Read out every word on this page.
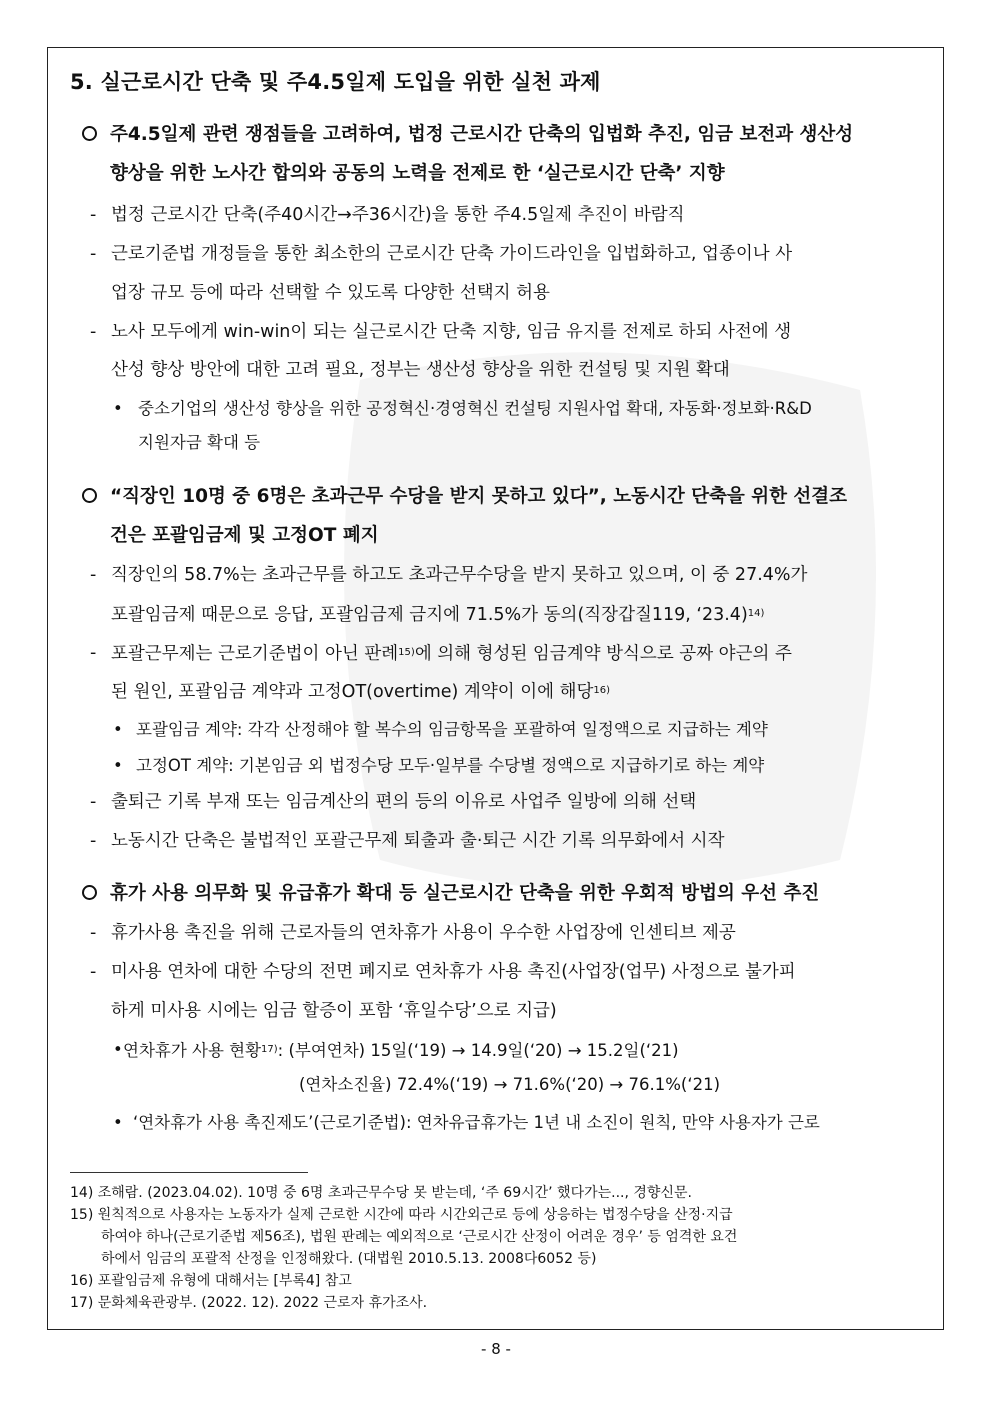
5. 실근로시간 단축 및 주4.5일제 도입을 위한 실천 과제
주4.5일제 관련 쟁점들을 고려하여, 법정 근로시간 단축의 입법화 추진, 임금 보전과 생산성
향상을 위한 노사간 합의와 공동의 노력을 전제로 한 ‘실근로시간 단축’ 지향
- 법정 근로시간 단축(주40시간→주36시간)을 통한 주4.5일제 추진이 바람직
- 근로기준법 개정들을 통한 최소한의 근로시간 단축 가이드라인을 입법화하고, 업종이나 사
업장 규모 등에 따라 선택할 수 있도록 다양한 선택지 허용
- 노사 모두에게 win-win이 되는 실근로시간 단축 지향, 임금 유지를 전제로 하되 사전에 생
산성 향상 방안에 대한 고려 필요, 정부는 생산성 향상을 위한 컨설팅 및 지원 확대
• 중소기업의 생산성 향상을 위한 공정혁신·경영혁신 컨설팅 지원사업 확대, 자동화·정보화·R&D
지원자금 확대 등
“직장인 10명 중 6명은 초과근무 수당을 받지 못하고 있다”, 노동시간 단축을 위한 선결조
건은 포괄임금제 및 고정OT 폐지
- 직장인의 58.7%는 초과근무를 하고도 초과근무수당을 받지 못하고 있으며, 이 중 27.4%가
포괄임금제 때문으로 응답, 포괄임금제 금지에 71.5%가 동의(직장갑질119, ‘23.4)$^{14)}$
- 포괄근무제는 근로기준법이 아닌 판례$^{15)}$에 의해 형성된 임금계약 방식으로 공짜 야근의 주
된 원인, 포괄임금 계약과 고정OT(overtime) 계약이 이에 해당$^{16)}$
• 포괄임금 계약: 각각 산정해야 할 복수의 임금항목을 포괄하여 일정액으로 지급하는 계약
• 고정OT 계약: 기본임금 외 법정수당 모두·일부를 수당별 정액으로 지급하기로 하는 계약
- 출퇴근 기록 부재 또는 임금계산의 편의 등의 이유로 사업주 일방에 의해 선택
- 노동시간 단축은 불법적인 포괄근무제 퇴출과 출·퇴근 시간 기록 의무화에서 시작
휴가 사용 의무화 및 유급휴가 확대 등 실근로시간 단축을 위한 우회적 방법의 우선 추진
- 휴가사용 촉진을 위해 근로자들의 연차휴가 사용이 우수한 사업장에 인센티브 제공
- 미사용 연차에 대한 수당의 전면 폐지로 연차휴가 사용 촉진(사업장(업무) 사정으로 불가피
하게 미사용 시에는 임금 할증이 포함 ‘휴일수당’으로 지급)
• 연차휴가 사용 현황$^{17)}$: (부여연차) 15일(‘19) → 14.9일(‘20) → 15.2일(‘21)
(연차소진율) 72.4%(‘19) → 71.6%(‘20) → 76.1%(‘21)
• ‘연차휴가 사용 촉진제도’(근로기준법): 연차유급휴가는 1년 내 소진이 원칙, 만약 사용자가 근로
14) 조해람. (2023.04.02). 10명 중 6명 초과근무수당 못 받는데, ‘주 69시간’ 했다가는..., 경향신문.
15) 원칙적으로 사용자는 노동자가 실제 근로한 시간에 따라 시간외근로 등에 상응하는 법정수당을 산정·지급
하여야 하나(근로기준법 제56조), 법원 판례는 예외적으로 ‘근로시간 산정이 어려운 경우’ 등 엄격한 요건
하에서 임금의 포괄적 산정을 인정해왔다. (대법원 2010.5.13. 2008다6052 등)
16) 포괄임금제 유형에 대해서는 [부록4] 참고
17) 문화체육관광부. (2022. 12). 2022 근로자 휴가조사.
- 8 -
